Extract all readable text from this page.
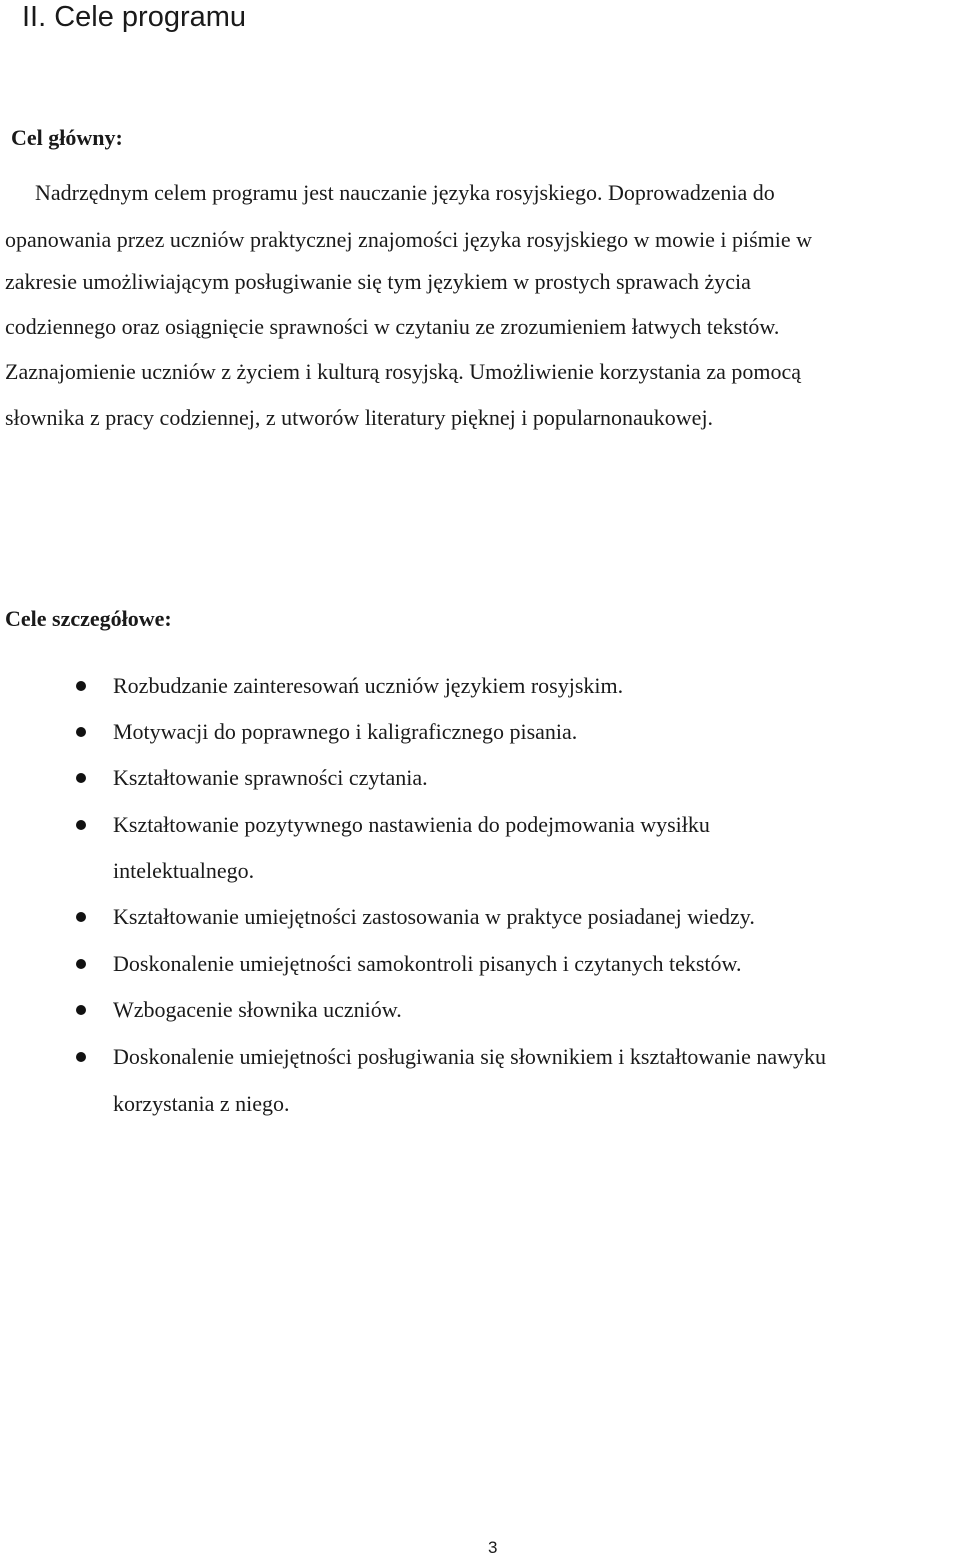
II. Cele programu
Cel główny:
Nadrzędnym celem programu jest nauczanie języka rosyjskiego. Doprowadzenia do
opanowania przez uczniów praktycznej znajomości języka rosyjskiego w mowie i piśmie w
zakresie umożliwiającym posługiwanie się tym językiem w prostych sprawach życia
codziennego oraz osiągnięcie sprawności w czytaniu ze zrozumieniem łatwych tekstów.
Zaznajomienie uczniów z życiem i kulturą rosyjską. Umożliwienie korzystania za pomocą
słownika z pracy codziennej, z utworów literatury pięknej i popularnonaukowej.
Cele szczegółowe:
Rozbudzanie zainteresowań uczniów językiem rosyjskim.
Motywacji do poprawnego i kaligraficznego pisania.
Kształtowanie sprawności czytania.
Kształtowanie pozytywnego nastawienia do podejmowania wysiłku
intelektualnego.
Kształtowanie umiejętności zastosowania w praktyce posiadanej wiedzy.
Doskonalenie umiejętności samokontroli pisanych i czytanych tekstów.
Wzbogacenie słownika uczniów.
Doskonalenie umiejętności posługiwania się słownikiem i kształtowanie nawyku
korzystania z niego.
3
